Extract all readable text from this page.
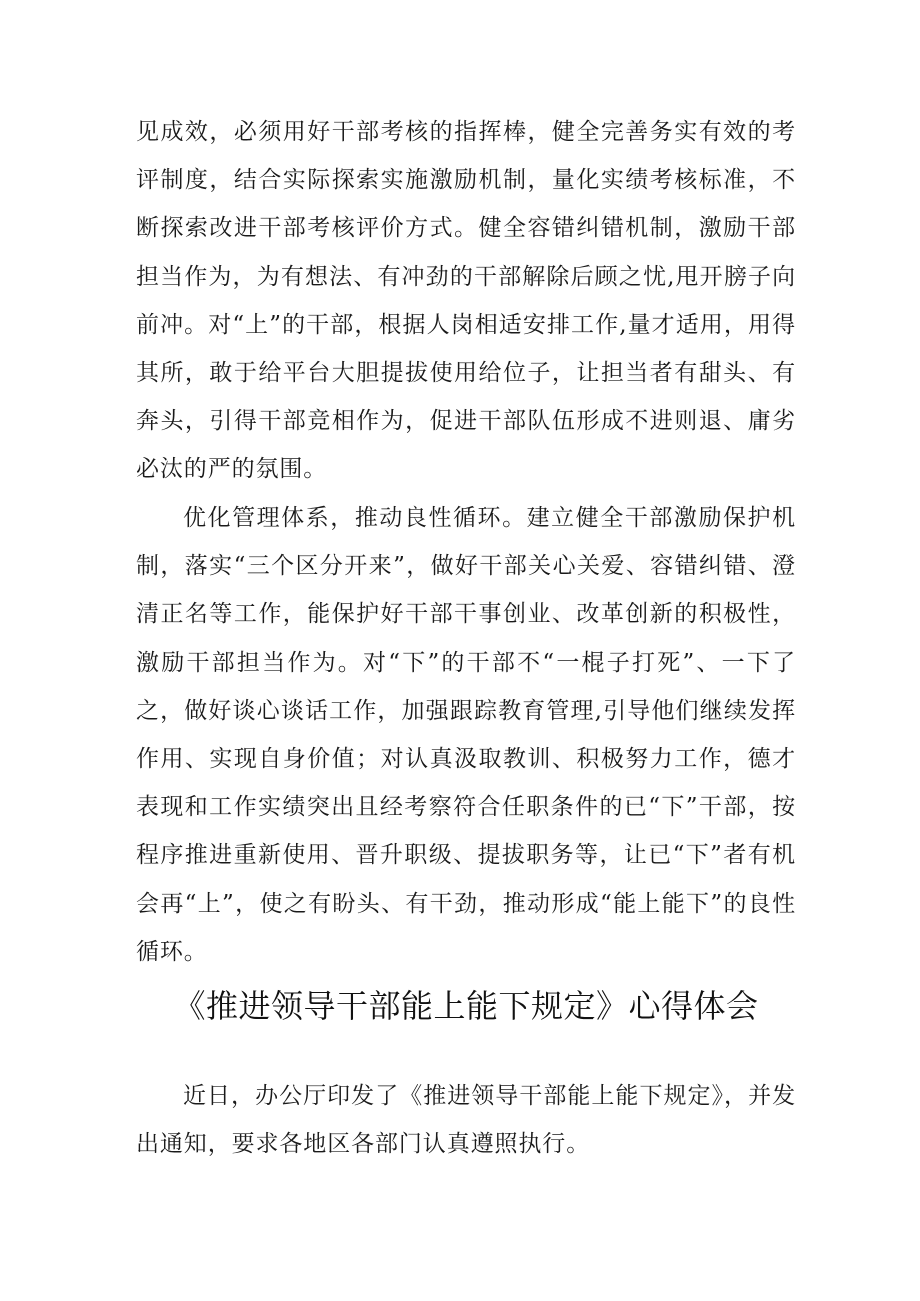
见成效，必须用好干部考核的指挥棒，健全完善务实有效的考评制度，结合实际探索实施激励机制，量化实绩考核标准，不断探索改进干部考核评价方式。健全容错纠错机制，激励干部担当作为，为有想法、有冲劲的干部解除后顾之忧,甩开膀子向前冲。对“上”的干部，根据人岗相适安排工作,量才适用，用得其所，敢于给平台大胆提拔使用给位子，让担当者有甜头、有奔头，引得干部竞相作为，促进干部队伍形成不进则退、庸劣必汰的严的氛围。

优化管理体系，推动良性循环。建立健全干部激励保护机制，落实“三个区分开来”，做好干部关心关爱、容错纠错、澄清正名等工作，能保护好干部干事创业、改革创新的积极性，激励干部担当作为。对“下”的干部不“一棍子打死”、一下了之，做好谈心谈话工作，加强跟踪教育管理,引导他们继续发挥作用、实现自身价值；对认真汲取教训、积极努力工作，德才表现和工作实绩突出且经考察符合任职条件的已“下”干部，按程序推进重新使用、晋升职级、提拔职务等，让已“下”者有机会再“上”，使之有盼头、有干劲，推动形成“能上能下”的良性循环。

《推进领导干部能上能下规定》心得体会

近日，办公厅印发了《推进领导干部能上能下规定》，并发出通知，要求各地区各部门认真遵照执行。
